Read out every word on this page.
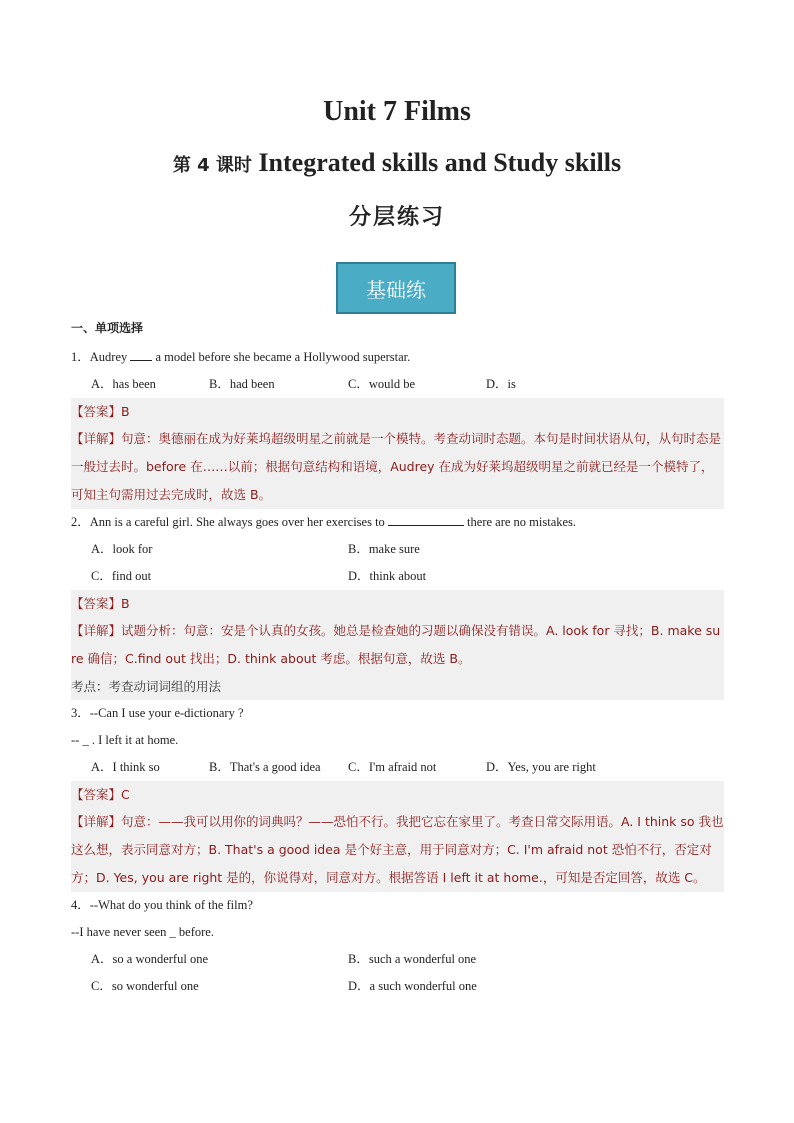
Unit 7 Films
第 4 课时 Integrated skills and Study skills
分层练习
基础练
一、单项选择
1．Audrey  a model before she became a Hollywood superstar.
A．has been	B．had been	C．would be	D．is
【答案】B
【详解】句意：奥德丽在成为好莱坞超级明星之前就是一个模特。考查动词时态题。本句是时间状语从句，从句时态是一般过去时。before 在……以前；根据句意结构和语境，Audrey 在成为好莱坞超级明星之前就已经是一个模特了，可知主句需用过去完成时，故选 B。
2．Ann is a careful girl. She always goes over her exercises to	there are no mistakes.
A．look for	B．make sure
C．find out	D．think about
【答案】B
【详解】试题分析：句意：安是个认真的女孩。她总是检查她的习题以确保没有错误。A. look for 寻找；B. make sure 确信；C.find out 找出；D. think about 考虑。根据句意，故选 B。
考点：考查动词词组的用法
3．--Can I use your e-dictionary ?
-- _ . I left it at home.
A．I think so	B．That's a good idea	C．I'm afraid not	D．Yes, you are right
【答案】C
【详解】句意：——我可以用你的词典吗？——恐怕不行。我把它忘在家里了。考查日常交际用语。A. I think so 我也这么想，表示同意对方；B. That's a good idea 是个好主意，用于同意对方；C. I'm afraid not 恐怕不行，否定对方；D. Yes, you are right 是的，你说得对，同意对方。根据答语 I left it at home.，可知是否定回答，故选 C。
4．--What do you think of the film?
--I have never seen _ before.
A．so a wonderful one	B．such a wonderful one
C．so wonderful one	D．a such wonderful one
